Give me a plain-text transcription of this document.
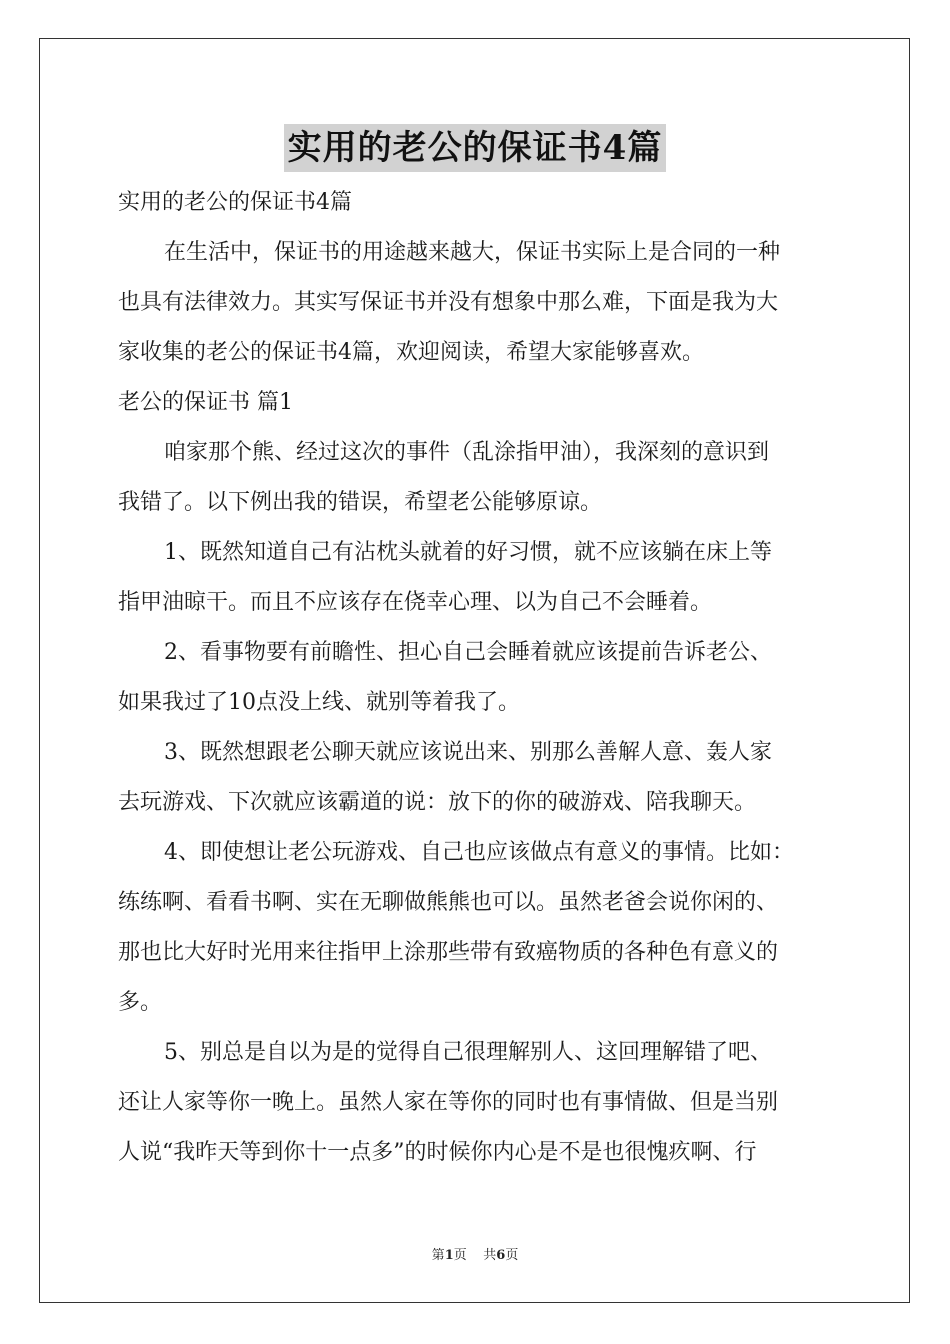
实用的老公的保证书4篇
实用的老公的保证书4篇
在生活中，保证书的用途越来越大，保证书实际上是合同的一种
也具有法律效力。其实写保证书并没有想象中那么难，下面是我为大
家收集的老公的保证书4篇，欢迎阅读，希望大家能够喜欢。
老公的保证书 篇1
咱家那个熊、经过这次的事件（乱涂指甲油），我深刻的意识到
我错了。以下例出我的错误，希望老公能够原谅。
1、既然知道自己有沾枕头就着的好习惯，就不应该躺在床上等
指甲油晾干。而且不应该存在侥幸心理、以为自己不会睡着。
2、看事物要有前瞻性、担心自己会睡着就应该提前告诉老公、
如果我过了10点没上线、就别等着我了。
3、既然想跟老公聊天就应该说出来、别那么善解人意、轰人家
去玩游戏、下次就应该霸道的说：放下的你的破游戏、陪我聊天。
4、即使想让老公玩游戏、自己也应该做点有意义的事情。比如：
练练啊、看看书啊、实在无聊做熊熊也可以。虽然老爸会说你闲的、
那也比大好时光用来往指甲上涂那些带有致癌物质的各种色有意义的
多。
5、别总是自以为是的觉得自己很理解别人、这回理解错了吧、
还让人家等你一晚上。虽然人家在等你的同时也有事情做、但是当别
人说“我昨天等到你十一点多”的时候你内心是不是也很愧疚啊、行
第1页    共6页
